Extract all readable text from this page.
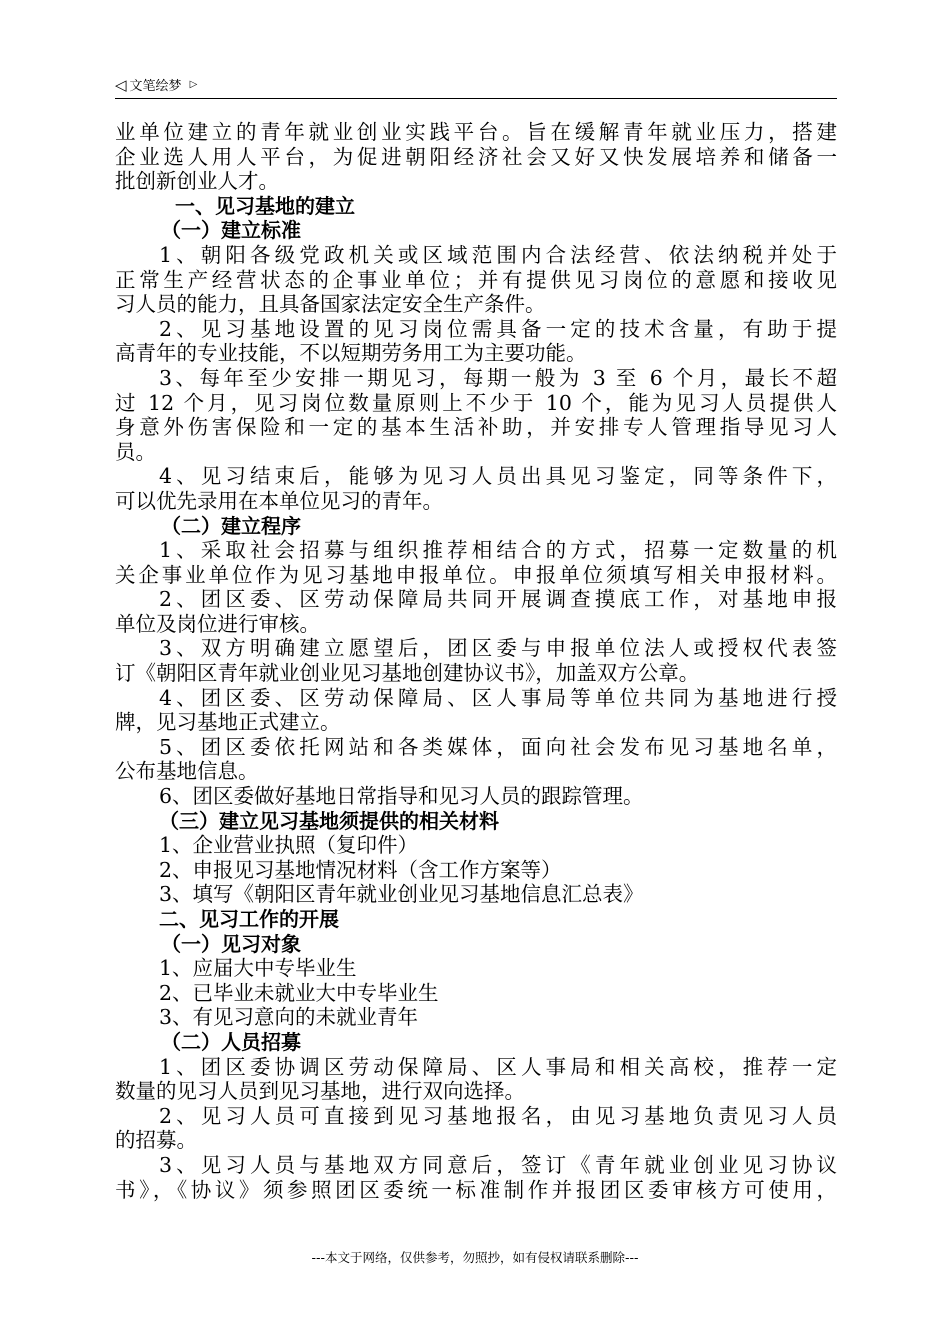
◁ 文笔绘梦 ▷
业单位建立的青年就业创业实践平台。旨在缓解青年就业压力，搭建
企业选人用人平台，为促进朝阳经济社会又好又快发展培养和储备一
批创新创业人才。
一、见习基地的建立
（一）建立标准
1、朝阳各级党政机关或区域范围内合法经营、依法纳税并处于
正常生产经营状态的企事业单位；并有提供见习岗位的意愿和接收见
习人员的能力，且具备国家法定安全生产条件。
2、见习基地设置的见习岗位需具备一定的技术含量，有助于提
高青年的专业技能，不以短期劳务用工为主要功能。
3、每年至少安排一期见习，每期一般为 3 至 6 个月，最长不超
过 12 个月，见习岗位数量原则上不少于 10 个，能为见习人员提供人
身意外伤害保险和一定的基本生活补助，并安排专人管理指导见习人
员。
4、见习结束后，能够为见习人员出具见习鉴定，同等条件下，
可以优先录用在本单位见习的青年。
（二）建立程序
1、采取社会招募与组织推荐相结合的方式，招募一定数量的机
关企事业单位作为见习基地申报单位。申报单位须填写相关申报材料。
2、团区委、区劳动保障局共同开展调查摸底工作，对基地申报
单位及岗位进行审核。
3、双方明确建立愿望后，团区委与申报单位法人或授权代表签
订《朝阳区青年就业创业见习基地创建协议书》，加盖双方公章。
4、团区委、区劳动保障局、区人事局等单位共同为基地进行授
牌，见习基地正式建立。
5、团区委依托网站和各类媒体，面向社会发布见习基地名单，
公布基地信息。
6、团区委做好基地日常指导和见习人员的跟踪管理。
（三）建立见习基地须提供的相关材料
1、企业营业执照（复印件）
2、申报见习基地情况材料（含工作方案等）
3、填写《朝阳区青年就业创业见习基地信息汇总表》
二、见习工作的开展
（一）见习对象
1、应届大中专毕业生
2、已毕业未就业大中专毕业生
3、有见习意向的未就业青年
（二）人员招募
1、团区委协调区劳动保障局、区人事局和相关高校，推荐一定
数量的见习人员到见习基地，进行双向选择。
2、见习人员可直接到见习基地报名，由见习基地负责见习人员
的招募。
3、见习人员与基地双方同意后，签订《青年就业创业见习协议
书》，《协议》须参照团区委统一标准制作并报团区委审核方可使用，
---本文于网络，仅供参考，勿照抄，如有侵权请联系删除---
